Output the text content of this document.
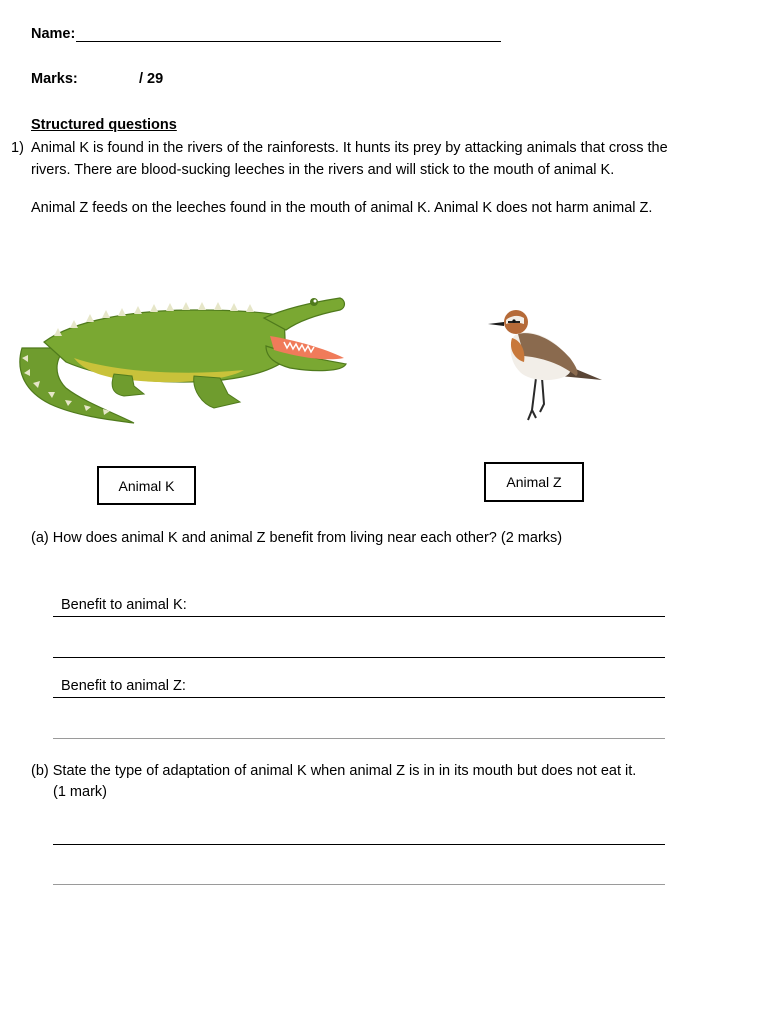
Name:
Marks:	/ 29
Structured questions
1) Animal K is found in the rivers of the rainforests. It hunts its prey by attacking animals that cross the
rivers. There are blood-sucking leeches in the rivers and will stick to the mouth of animal K.
Animal Z feeds on the leeches found in the mouth of animal K. Animal K does not harm animal Z.
Animal K	Animal Z
(a) How does animal K and animal Z benefit from living near each other? (2 marks)
Benefit to animal K:
Benefit to animal Z:
(b) State the type of adaptation of animal K when animal Z is in in its mouth but does not eat it.
(1 mark)
